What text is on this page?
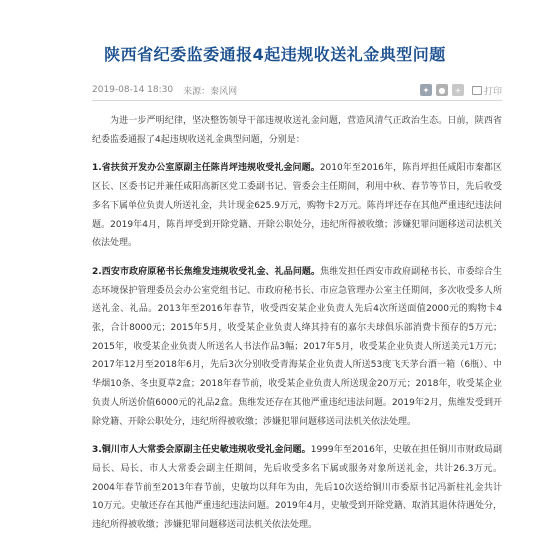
陕西省纪委监委通报4起违规收送礼金典型问题
2019-08-14 18:30 来源：秦风网	✦	●	+	打印

为进一步严明纪律，坚决整饬领导干部违规收送礼金问题，营造风清气正政治生态。日前，陕西省纪委监委通报了4起违规收送礼金典型问题，分别是：

1.省扶贫开发办公室原副主任陈肖坪违规收受礼金问题。2010年至2016年，陈肖坪担任咸阳市秦都区区长、区委书记并兼任咸阳高新区党工委副书记、管委会主任期间，利用中秋、春节等节日，先后收受多名下属单位负责人所送礼金，共计现金625.9万元，购物卡2万元。陈肖坪还存在其他严重违纪违法问题。2019年4月，陈肖坪受到开除党籍、开除公职处分，违纪所得被收缴；涉嫌犯罪问题移送司法机关依法处理。

2.西安市政府原秘书长焦维发违规收受礼金、礼品问题。焦维发担任西安市政府副秘书长、市委综合生态环境保护管理委员会办公室党组书记、市政府秘书长、市应急管理办公室主任期间，多次收受多人所送礼金、礼品。2013年至2016年春节，收受西安某企业负责人先后4次所送面值2000元的购物卡4张，合计8000元；2015年5月，收受某企业负责人绛其持有的嘉尔夫球俱乐部消费卡预存的5万元；2015年，收受某企业负责人所送名人书法作品3幅；2017年5月，收受某企业负责人所送美元1万元；2017年12月至2018年6月，先后3次分别收受青海某企业负责人所送53度飞天茅台酒一箱（6瓶）、中华烟10条、冬虫夏草2盒；2018年春节前，收受某企业负责人所送现金20万元；2018年，收受某企业负责人所送价值6000元的礼品2盒。焦维发还存在其他严重违纪违法问题。2019年2月，焦维发受到开除党籍、开除公职处分，违纪所得被收缴；涉嫌犯罪问题移送司法机关依法处理。

3.铜川市人大常委会原副主任史敏违规收受礼金问题。1999年至2016年，史敏在担任铜川市财政局副局长、局长、市人大常委会副主任期间，先后收受多名下属或服务对象所送礼金，共计26.3万元。2004年春节前至2013年春节前，史敏均以拜年为由，先后10次送给铜川市委原书记冯新柱礼金共计10万元。史敏还存在其他严重违纪违法问题。2019年4月，史敏受到开除党籍、取消其退休待遇处分，违纪所得被收缴；涉嫌犯罪问题移送司法机关依法处理。
